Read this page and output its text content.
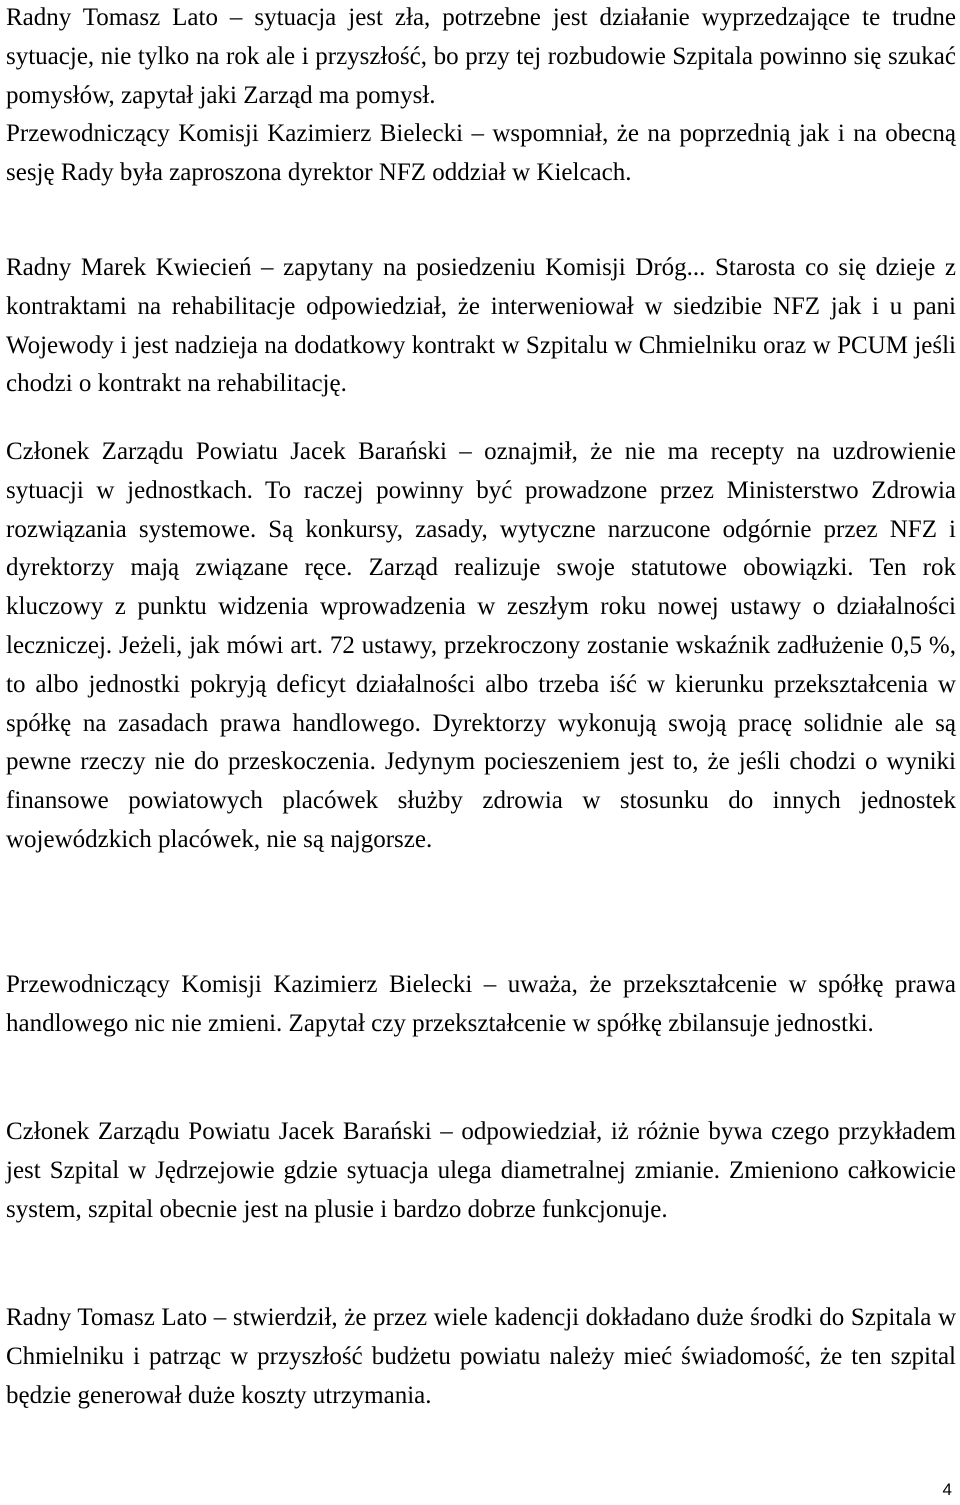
Radny Tomasz Lato – sytuacja jest zła, potrzebne jest działanie wyprzedzające te trudne sytuacje, nie tylko na rok ale i przyszłość, bo przy tej rozbudowie Szpitala powinno się szukać pomysłów, zapytał jaki Zarząd ma pomysł.

Przewodniczący Komisji Kazimierz Bielecki – wspomniał, że na poprzednią jak i na obecną sesję Rady była zaproszona dyrektor NFZ oddział w Kielcach.

Radny Marek Kwiecień – zapytany na posiedzeniu Komisji Dróg... Starosta co się dzieje z kontraktami na rehabilitacje odpowiedział, że interweniował w siedzibie NFZ jak i u pani Wojewody i jest nadzieja na dodatkowy kontrakt w Szpitalu w Chmielniku oraz w PCUM jeśli chodzi o kontrakt na rehabilitację.

Członek Zarządu Powiatu Jacek Barański – oznajmił, że nie ma recepty na uzdrowienie sytuacji w jednostkach. To raczej powinny być prowadzone przez Ministerstwo Zdrowia rozwiązania systemowe. Są konkursy, zasady, wytyczne narzucone odgórnie przez NFZ i dyrektorzy mają związane ręce. Zarząd realizuje swoje statutowe obowiązki. Ten rok kluczowy z punktu widzenia wprowadzenia w zeszłym roku nowej ustawy o działalności leczniczej. Jeżeli, jak mówi art. 72 ustawy, przekroczony zostanie wskaźnik zadłużenie 0,5 %, to albo jednostki pokryją deficyt działalności albo trzeba iść w kierunku przekształcenia w spółkę na zasadach prawa handlowego. Dyrektorzy wykonują swoją pracę solidnie ale są pewne rzeczy nie do przeskoczenia. Jedynym pocieszeniem jest to, że jeśli chodzi o wyniki finansowe powiatowych placówek służby zdrowia w stosunku do innych jednostek wojewódzkich placówek, nie są najgorsze.

Przewodniczący Komisji Kazimierz Bielecki – uważa, że przekształcenie w spółkę prawa handlowego nic nie zmieni. Zapytał czy przekształcenie w spółkę zbilansuje jednostki.

Członek Zarządu Powiatu Jacek Barański – odpowiedział, iż różnie bywa czego przykładem jest Szpital w Jędrzejowie gdzie sytuacja ulega diametralnej zmianie. Zmieniono całkowicie system, szpital obecnie jest na plusie i bardzo dobrze funkcjonuje.

Radny Tomasz Lato – stwierdził, że przez wiele kadencji dokładano duże środki do Szpitala w Chmielniku i patrząc w przyszłość budżetu powiatu należy mieć świadomość, że ten szpital będzie generował duże koszty utrzymania.

4
